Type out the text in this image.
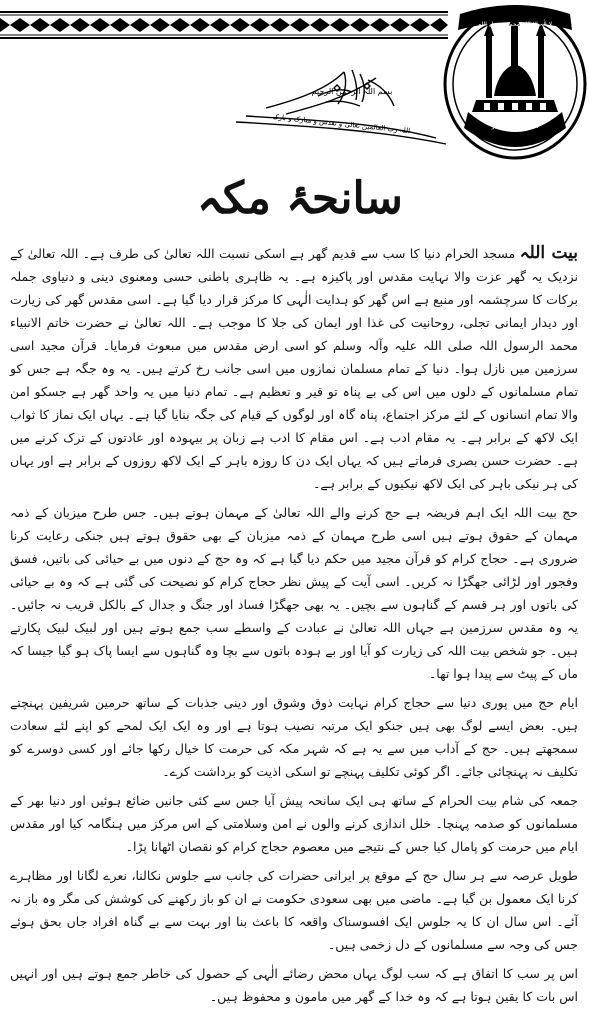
بسم اللہ الرحمن الرحیم
اللہ رب العالمین تعالیٰ و تقدس و مبارک و بارک
لا الٰہ الا اللہ محمد رسول اللہ
اللہ اکبر ، اللہ اکبر
سانحۂ مکہ

بیت اللہ مسجد الحرام دنیا کا سب سے قدیم گھر ہے اسکی نسبت اللہ تعالیٰ کی طرف ہے۔ اللہ تعالیٰ کے نزدیک یہ گھر عزت والا نہایت مقدس اور پاکیزہ ہے۔ یہ ظاہری باطنی حسی ومعنوی دینی و دنیاوی جملہ برکات کا سرچشمہ اور منبع ہے اس گھر کو ہدایت الٰہی کا مرکز قرار دیا گیا ہے۔ اسی مقدس گھر کی زیارت اور دیدار ایمانی تجلی، روحانیت کی غذا اور ایمان کی جلا کا موجب ہے۔ اللہ تعالیٰ نے حضرت خاتم الانبیاء محمد الرسول اللہ صلی اللہ علیہ وآلہ وسلم کو اسی ارض مقدس میں مبعوث فرمایا۔ قرآن مجید اسی سرزمین میں نازل ہوا۔ دنیا کے تمام مسلمان نمازوں میں اسی جانب رخ کرتے ہیں۔ یہ وہ جگہ ہے جس کو تمام مسلمانوں کے دلوں میں اس کی بے پناہ تو قیر و تعظیم ہے۔ تمام دنیا میں یہ واحد گھر ہے جسکو امن والا تمام انسانوں کے لئے مرکز اجتماع، پناہ گاہ اور لوگوں کے قیام کی جگہ بنایا گیا ہے۔ یہاں ایک نماز کا ثواب ایک لاکھ کے برابر ہے۔ یہ مقام ادب ہے۔ اس مقام کا ادب ہے زبان پر بیہودہ اور عادتوں کے ترک کرنے میں ہے۔ حضرت حسن بصری فرماتے ہیں کہ یہاں ایک دن کا روزہ باہر کے ایک لاکھ روزوں کے برابر ہے اور یہاں کی ہر نیکی باہر کی ایک لاکھ نیکیوں کے برابر ہے۔

حج بیت اللہ ایک اہم فریضہ ہے حج کرنے والے اللہ تعالیٰ کے مہمان ہوتے ہیں۔ جس طرح میزبان کے ذمہ مہمان کے حقوق ہوتے ہیں اسی طرح مہمان کے ذمہ میزبان کے بھی حقوق ہوتے ہیں جنکی رعایت کرنا ضروری ہے۔ حجاج کرام کو قرآن مجید میں حکم دیا گیا ہے کہ وہ حج کے دنوں میں بے حیائی کی باتیں، فسق وفجور اور لڑائی جھگڑا نہ کریں۔ اسی آیت کے پیش نظر حجاج کرام کو نصیحت کی گئی ہے کہ وہ بے حیائی کی باتوں اور ہر قسم کے گناہوں سے بچیں۔ یہ بھی جھگڑا فساد اور جنگ و جدال کے بالکل قریب نہ جائیں۔ یہ وہ مقدس سرزمین ہے جہاں اللہ تعالیٰ نے عبادت کے واسطے سب جمع ہوتے ہیں اور لبیک لبیک پکارتے ہیں۔ جو شخص بیت اللہ کی زیارت کو آیا اور بے ہودہ باتوں سے بچا وہ گناہوں سے ایسا پاک ہو گیا جیسا کہ ماں کے پیٹ سے پیدا ہوا تھا۔

ایام حج میں پوری دنیا سے حجاج کرام نہایت ذوق وشوق اور دینی جذبات کے ساتھ حرمین شریفین پہنچتے ہیں۔ بعض ایسے لوگ بھی ہیں جنکو ایک مرتبہ نصیب ہوتا ہے اور وہ ایک ایک لمحے کو اپنے لئے سعادت سمجھتے ہیں۔ حج کے آداب میں سے یہ ہے کہ شہر مکہ کی حرمت کا خیال رکھا جائے اور کسی دوسرے کو تکلیف نہ پہنچائی جائے۔ اگر کوئی تکلیف پہنچے تو اسکی اذیت کو برداشت کرے۔

جمعہ کی شام بیت الحرام کے ساتھ ہی ایک سانحہ پیش آیا جس سے کئی جانیں ضائع ہوئیں اور دنیا بھر کے مسلمانوں کو صدمہ پہنچا۔ خلل اندازی کرنے والوں نے امن وسلامتی کے اس مرکز میں ہنگامہ کیا اور مقدس ایام میں حرمت کو پامال کیا جس کے نتیجے میں معصوم حجاج کرام کو نقصان اٹھانا پڑا۔

طویل عرصہ سے ہر سال حج کے موقع پر ایرانی حضرات کی جانب سے جلوس نکالنا، نعرے لگانا اور مظاہرے کرنا ایک معمول بن گیا ہے۔ ماضی میں بھی سعودی حکومت نے ان کو باز رکھنے کی کوشش کی مگر وہ باز نہ آئے۔ اس سال ان کا یہ جلوس ایک افسوسناک واقعہ کا باعث بنا اور بہت سے بے گناہ افراد جاں بحق ہوئے جس کی وجہ سے مسلمانوں کے دل زخمی ہیں۔

اس پر سب کا اتفاق ہے کہ سب لوگ یہاں محض رضائے الٰہی کے حصول کی خاطر جمع ہوتے ہیں اور انہیں اس بات کا یقین ہوتا ہے کہ وہ خدا کے گھر میں مامون و محفوظ ہیں۔
